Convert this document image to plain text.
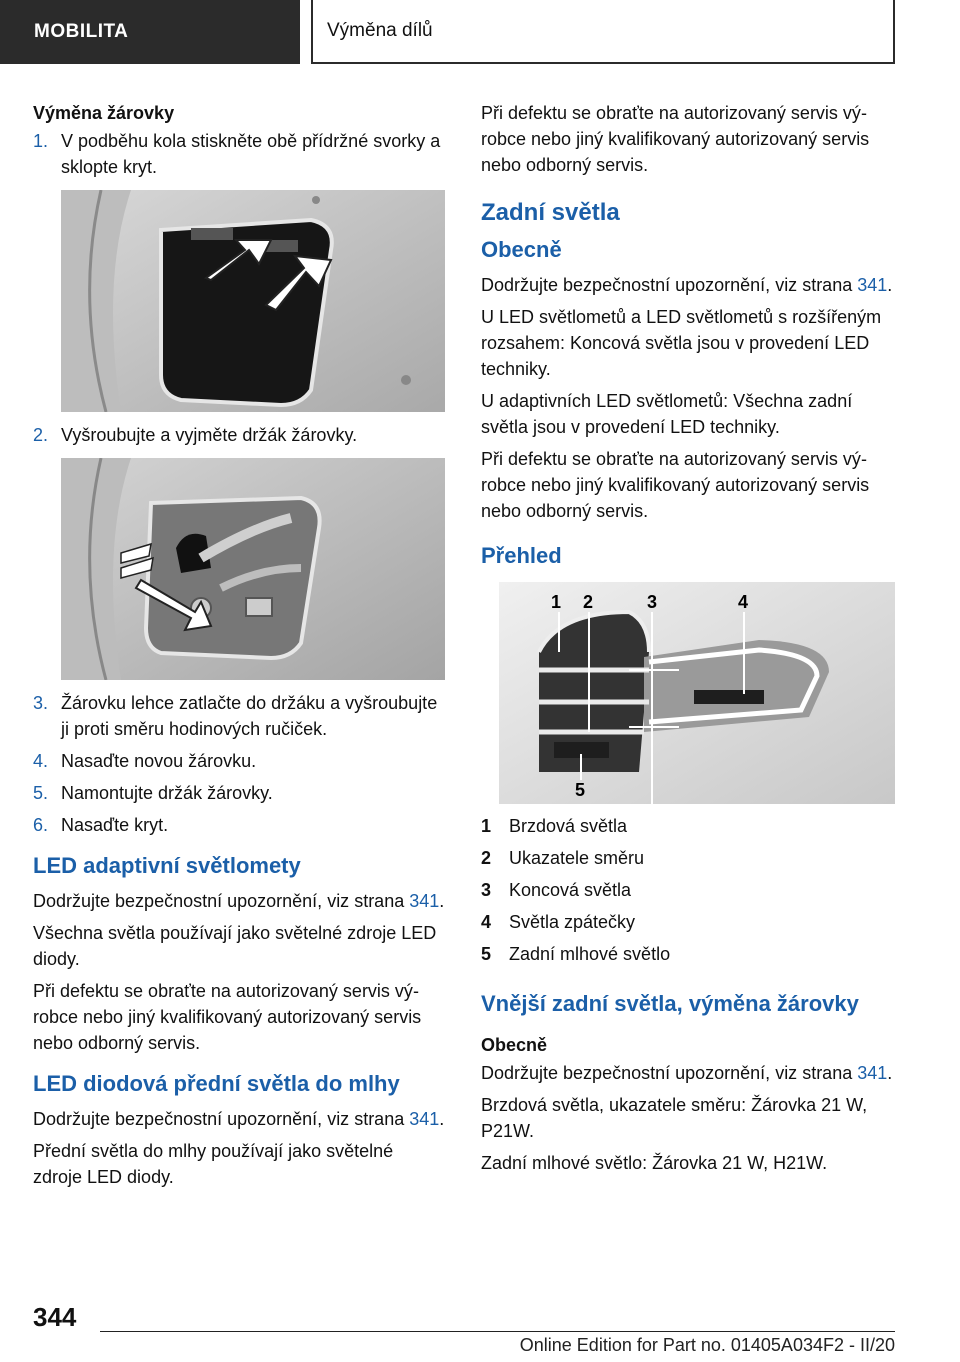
MOBILITA	Výměna dílů
Výměna žárovky
1. V podběhu kola stiskněte obě přídržné svorky a sklopte kryt.
2. Vyšroubujte a vyjměte držák žárovky.
3. Žárovku lehce zatlačte do držáku a vyšroubujte ji proti směru hodinových ručiček.
4. Nasaďte novou žárovku.
5. Namontujte držák žárovky.
6. Nasaďte kryt.
LED adaptivní světlomety

Dodržujte bezpečnostní upozornění, viz strana 341.

Všechna světla používají jako světelné zdroje LED diody.

Při defektu se obraťte na autorizovaný servis výrobce nebo jiný kvalifikovaný autorizovaný servis nebo odborný servis.

LED diodová přední světla do mlhy

Dodržujte bezpečnostní upozornění, viz strana 341.

Přední světla do mlhy používají jako světelné zdroje LED diody.

Při defektu se obraťte na autorizovaný servis výrobce nebo jiný kvalifikovaný autorizovaný servis nebo odborný servis.

Zadní světla
Obecně

Dodržujte bezpečnostní upozornění, viz strana 341.

U LED světlometů a LED světlometů s rozšířeným rozsahem: Koncová světla jsou v provedení LED techniky.

U adaptivních LED světlometů: Všechna zadní světla jsou v provedení LED techniky.

Při defektu se obraťte na autorizovaný servis výrobce nebo jiný kvalifikovaný autorizovaný servis nebo odborný servis.

Přehled
1 2	3	4
5
1 Brzdová světla
2 Ukazatele směru
3 Koncová světla
4 Světla zpátečky
5 Zadní mlhové světlo
Vnější zadní světla, výměna žárovky
Obecně

Dodržujte bezpečnostní upozornění, viz strana 341.

Brzdová světla, ukazatele směru: Žárovka 21 W, P21W.

Zadní mlhové světlo: Žárovka 21 W, H21W.

344
Online Edition for Part no. 01405A034F2 - II/20
